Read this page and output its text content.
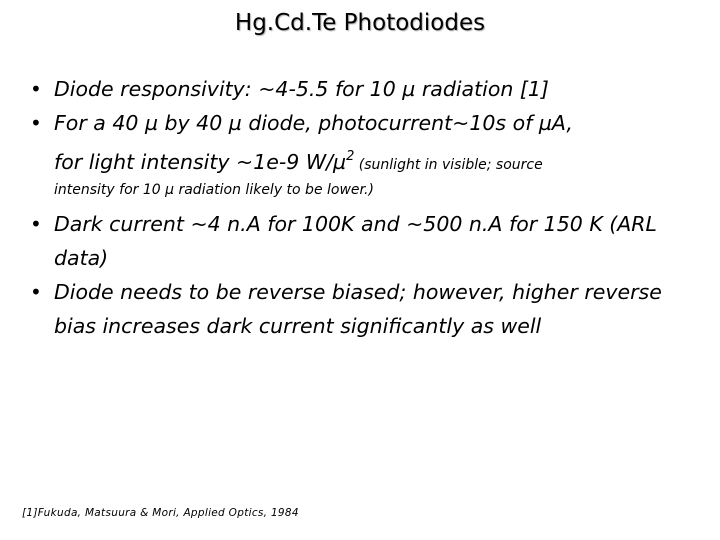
Hg.Cd.Te Photodiodes
• Diode responsivity: ~4-5.5 for 10 µ radiation [1]
• For a 40 µ by 40 µ diode, photocurrent~10s of µA,
for light intensity ~1e-9 W/µ$^2$ (sunlight in visible; source
intensity for 10 µ radiation likely to be lower.)
• Dark current ~4 n.A for 100K and ~500 n.A for 150 K (ARL data)
• Diode needs to be reverse biased; however, higher reverse bias increases dark current significantly as well
[1]Fukuda, Matsuura & Mori, Applied Optics, 1984
